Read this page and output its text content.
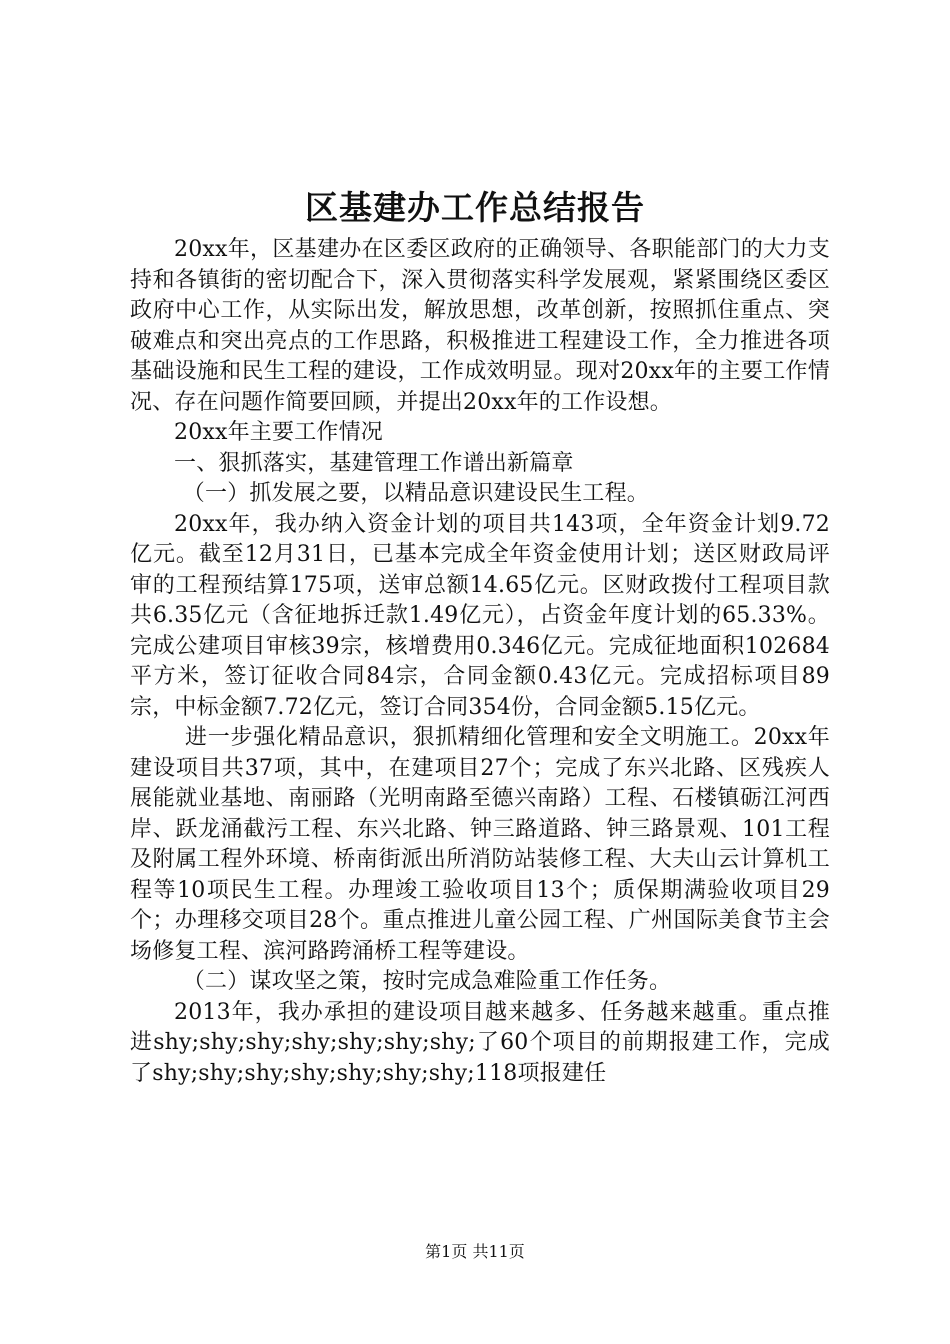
区基建办工作总结报告

20xx年，区基建办在区委区政府的正确领导、各职能部门的大力支持和各镇街的密切配合下，深入贯彻落实科学发展观，紧紧围绕区委区政府中心工作，从实际出发，解放思想，改革创新，按照抓住重点、突破难点和突出亮点的工作思路，积极推进工程建设工作，全力推进各项基础设施和民生工程的建设，工作成效明显。现对20xx年的主要工作情况、存在问题作简要回顾，并提出20xx年的工作设想。

20xx年主要工作情况

一、狠抓落实，基建管理工作谱出新篇章

（一）抓发展之要，以精品意识建设民生工程。

20xx年，我办纳入资金计划的项目共143项，全年资金计划9.72亿元。截至12月31日，已基本完成全年资金使用计划；送区财政局评审的工程预结算175项，送审总额14.65亿元。区财政拨付工程项目款共6.35亿元（含征地拆迁款1.49亿元），占资金年度计划的65.33%。完成公建项目审核39宗，核增费用0.346亿元。完成征地面积102684平方米，签订征收合同84宗，合同金额0.43亿元。完成招标项目89宗，中标金额7.72亿元，签订合同354份，合同金额5.15亿元。

进一步强化精品意识，狠抓精细化管理和安全文明施工。20xx年建设项目共37项，其中，在建项目27个；完成了东兴北路、区残疾人展能就业基地、南丽路（光明南路至德兴南路）工程、石楼镇砺江河西岸、跃龙涌截污工程、东兴北路、钟三路道路、钟三路景观、101工程及附属工程外环境、桥南街派出所消防站装修工程、大夫山云计算机工程等10项民生工程。办理竣工验收项目13个；质保期满验收项目29个；办理移交项目28个。重点推进儿童公园工程、广州国际美食节主会场修复工程、滨河路跨涌桥工程等建设。

（二）谋攻坚之策，按时完成急难险重工作任务。

2013年，我办承担的建设项目越来越多、任务越来越重。重点推进shy;shy;shy;shy;shy;shy;shy;了60个项目的前期报建工作，完成了shy;shy;shy;shy;shy;shy;shy;118项报建任

第1页 共11页
